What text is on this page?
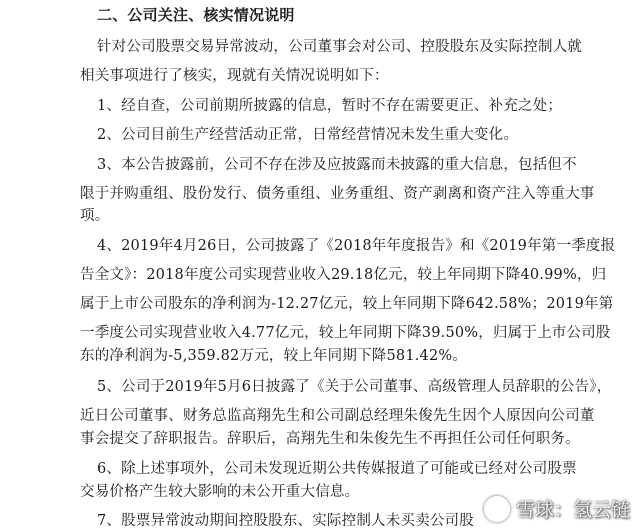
二、公司关注、核实情况说明
针对公司股票交易异常波动，公司董事会对公司、控股股东及实际控制人就
相关事项进行了核实，现就有关情况说明如下：
1、经自查，公司前期所披露的信息，暂时不存在需要更正、补充之处；
2、公司目前生产经营活动正常，日常经营情况未发生重大变化。
3、本公告披露前，公司不存在涉及应披露而未披露的重大信息，包括但不
限于并购重组、股份发行、债务重组、业务重组、资产剥离和资产注入等重大事
项。
4、2019年4月26日，公司披露了《2018年年度报告》和《2019年第一季度报
告全文》：2018年度公司实现营业收入29.18亿元，较上年同期下降40.99%，归
属于上市公司股东的净利润为-12.27亿元，较上年同期下降642.58%；2019年第
一季度公司实现营业收入4.77亿元，较上年同期下降39.50%，归属于上市公司股
东的净利润为-5,359.82万元，较上年同期下降581.42%。
5、公司于2019年5月6日披露了《关于公司董事、高级管理人员辞职的公告》，
近日公司董事、财务总监高翔先生和公司副总经理朱俊先生因个人原因向公司董
事会提交了辞职报告。辞职后，高翔先生和朱俊先生不再担任公司任何职务。
6、除上述事项外，公司未发现近期公共传媒报道了可能或已经对公司股票
交易价格产生较大影响的未公开重大信息。
7、股票异常波动期间控股股东、实际控制人未买卖公司股 雪球：氢云链
